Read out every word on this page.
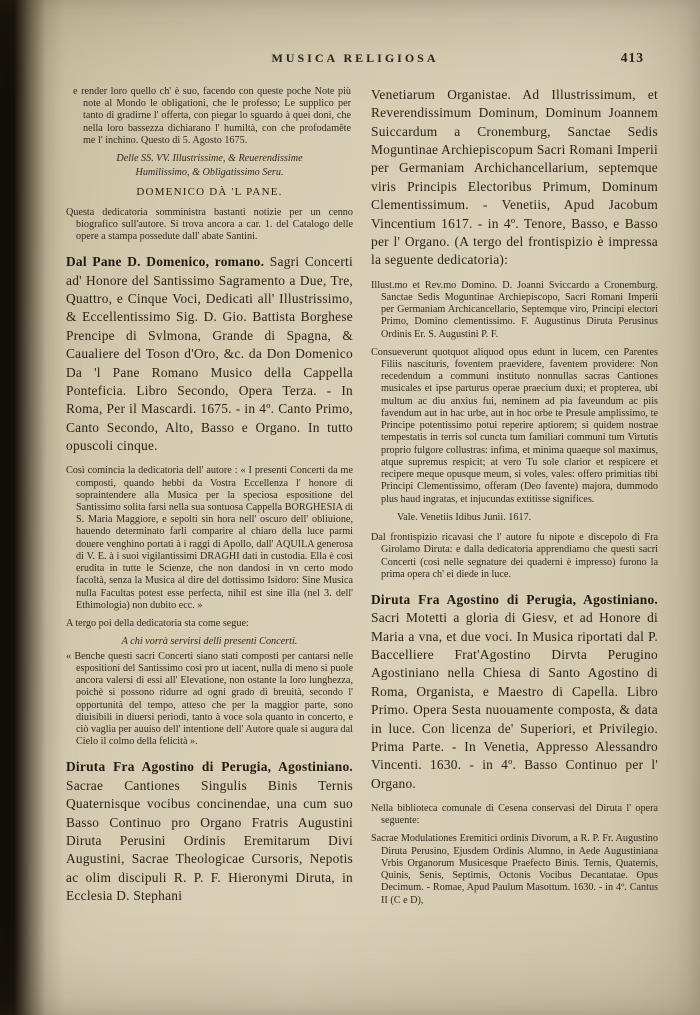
MUSICA RELIGIOSA	413

e render loro quello ch' è suo, facendo con queste poche Note più note al Mondo le obligationi, che le professo; Le supplico per tanto di gradirne l' offerta, con piegar lo sguardo à quei doni, che nella loro bassezza dichiarano l' humiltà, con che profodamēte me l' inchino. Questo di 5. Agosto 1675.

Delle SS. VV. Illustrissime, & Reuerendissime

Humilissimo, & Obligatissimo Seru.

DOMENICO DÀ 'L PANE.

Questa dedicatoria somministra bastanti notizie per un cenno biografico sull'autore. Si trova ancora a car. 1. del Catalogo delle opere a stampa possedute dall' abate Santini.

Dal Pane D. Domenico, romano. Sagri Concerti ad' Honore del Santissimo Sagramento a Due, Tre, Quattro, e Cinque Voci, Dedicati all' Illustrissimo, & Eccellentissimo Sig. D. Gio. Battista Borghese Prencipe di Svlmona, Grande di Spagna, & Caualiere del Toson d'Oro, &c. da Don Domenico Da 'l Pane Romano Musico della Cappella Ponteficia. Libro Secondo, Opera Terza. - In Roma, Per il Mascardi. 1675. - in 4º. Canto Primo, Canto Secondo, Alto, Basso e Organo. In tutto opuscoli cinque.

Così comincia la dedicatoria dell' autore : « I presenti Concerti da me composti, quando hebbi da Vostra Eccellenza l' honore di sopraintendere alla Musica per la speciosa espositione del Santissimo solita farsi nella sua sontuosa Cappella BORGHESIA di S. Maria Maggiore, e sepolti sin hora nell' oscuro dell' obliuione, hauendo determinato farli comparire al chiaro della luce parmi douere venghino portati à i raggi di Apollo, dall' AQUILA generosa di V. E. à i suoi vigilantissimi DRAGHI dati in custodia. Ella è così erudita in tutte le Scienze, che non dandosi in vn certo modo facoltà, senza la Musica al dire del dottissimo Isidoro: Sine Musica nulla Facultas potest esse perfecta, nihil est sine illa (nel 3. dell' Ethimologia) non dubito ecc. »

A tergo poi della dedicatoria sta come segue:

A chi vorrà servirsi delli presenti Concerti.

« Benche questi sacri Concerti siano stati composti per cantarsi nelle espositioni del Santissimo così pro ut iacent, nulla di meno si puole ancora valersi di essi all' Elevatione, non ostante la loro lunghezza, poichè si possono ridurre ad ogni grado di breuità, secondo l' opportunità del tempo, atteso che per la maggior parte, sono diuisibili in diuersi periodi, tanto à voce sola quanto in concerto, e ciò vaglia per auuiso dell' intentione dell' Autore quale si augura dal Cielo il colmo della felicità ».

Diruta Fra Agostino di Perugia, Agostiniano. Sacrae Cantiones Singulis Binis Ternis Quaternisque vocibus concinendae, una cum suo Basso Continuo pro Organo Fratris Augustini Diruta Perusini Ordinis Eremitarum Divi Augustini, Sacrae Theologicae Cursoris, Nepotis ac olim discipuli R. P. F. Hieronymi Diruta, in Ecclesia D. Stephani

Venetiarum Organistae. Ad Illustrissimum, et Reverendissimum Dominum, Dominum Joannem Suiccardum a Cronemburg, Sanctae Sedis Moguntinae Archiepiscopum Sacri Romani Imperii per Germaniam Archichancellarium, septemque viris Principis Electoribus Primum, Dominum Clementissimum. - Venetiis, Apud Jacobum Vincentium 1617. - in 4º. Tenore, Basso, e Basso per l' Organo. (A tergo del frontispizio è impressa la seguente dedicatoria):

Illust.mo et Rev.mo Domino. D. Joanni Sviccardo a Cronemburg. Sanctae Sedis Moguntinae Archiepiscopo, Sacri Romani Imperii per Germaniam Archicancellario, Septemque viro, Principi electori Primo, Domino clementissimo. F. Augustinus Diruta Perusinus Ordinis Er. S. Augustini P. F.

Consueverunt quotquot aliquod opus edunt in lucem, cen Parentes Filiis nascituris, foventem praevidere, faventem providere: Non recedendum a communi instituto nonnullas sacras Cantiones musicales et ipse parturus operae praecium duxi; et propterea, ubi multum ac diu anxius fui, neminem ad pia faveundum ac piis favendum aut in hac urbe, aut in hoc orbe te Presule amplissimo, te Principe potentissimo potui reperire aptiorem; si quidem nostrae tempestatis in terris sol cuncta tum familiari communi tum Virtutis proprio fulgore collustras: infima, et minima quaeque sol maximus, atque supremus respicit; at vero Tu sole clarior et respicere et recipere meque opusque meum, si voles, vales: offero primitias tibi Principi Clementissimo, offeram (Deo favente) majora, dummodo plus haud ingratas, et injucundas extitisse significes.

Vale. Venetiis Idibus Junii. 1617.

Dal frontispizio ricavasi che l' autore fu nipote e discepolo di Fra Girolamo Diruta: e dalla dedicatoria apprendiamo che questi sacri Concerti (così nelle segnature dei quaderni è impresso) furono la prima opera ch' ei diede in luce.

Diruta Fra Agostino di Perugia, Agostiniano. Sacri Motetti a gloria di Giesv, et ad Honore di Maria a vna, et due voci. In Musica riportati dal P. Baccelliere Frat'Agostino Dirvta Perugino Agostiniano nella Chiesa di Santo Agostino di Roma, Organista, e Maestro di Capella. Libro Primo. Opera Sesta nuouamente composta, & data in luce. Con licenza de' Superiori, et Privilegio. Prima Parte. - In Venetia, Appresso Alessandro Vincenti. 1630. - in 4º. Basso Continuo per l' Organo.

Nella biblioteca comunale di Cesena conservasi del Diruta l' opera seguente:

Sacrae Modulationes Eremitici ordinis Divorum, a R. P. Fr. Augustino Diruta Perusino, Ejusdem Ordinis Alumno, in Aede Augustiniana Vrbis Organorum Musicesque Praefecto Binis. Ternis, Quaternis, Quinis, Senis, Septimis, Octonis Vocibus Decantatae. Opus Decimum. - Romae, Apud Paulum Masottum. 1630. - in 4º. Cantus II (C e D),
